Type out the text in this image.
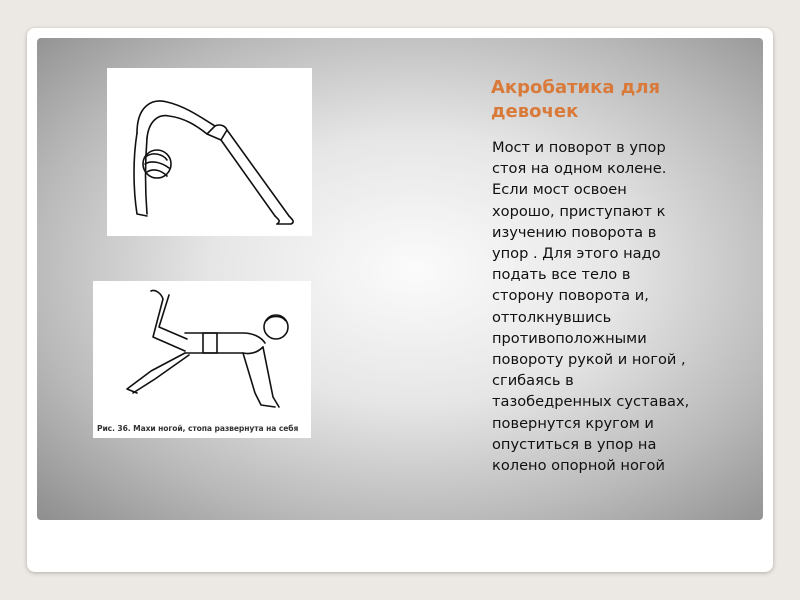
Рис. 36. Махи ногой, стопа развернута на себя
Акробатика для девочек
Мост и поворот в упор
стоя на одном колене.
Если мост освоен
хорошо, приступают к
изучению поворота в
упор . Для этого надо
подать все тело в
сторону поворота и,
оттолкнувшись
противоположными
повороту рукой и ногой ,
сгибаясь в
тазобедренных суставах,
повернутся кругом и
опуститься в упор на
колено опорной ногой
